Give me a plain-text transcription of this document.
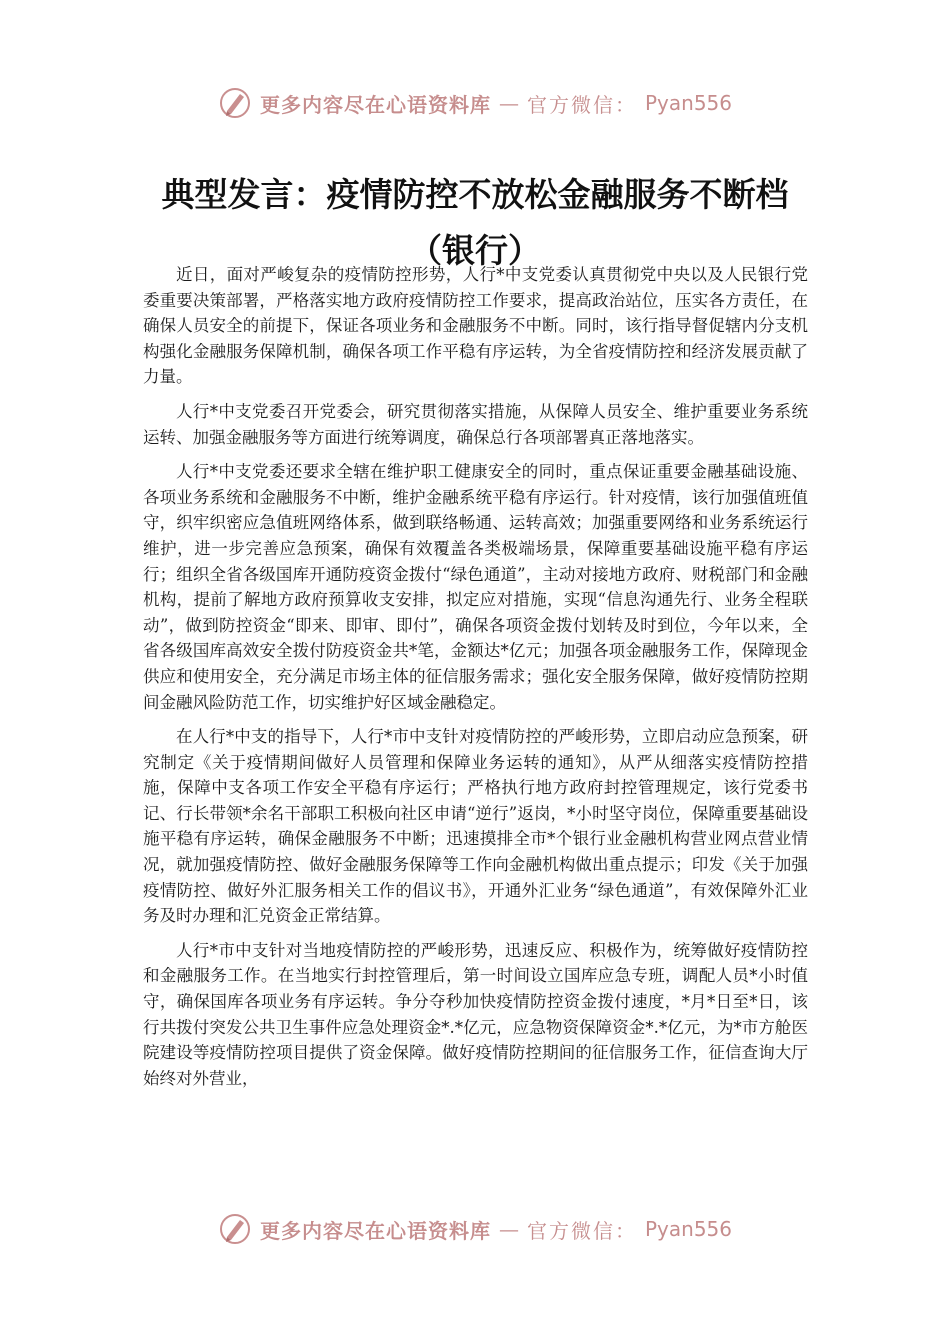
更多内容尽在心语资料库 — 官方微信： Pyan556
典型发言：疫情防控不放松金融服务不断档（银行）

近日，面对严峻复杂的疫情防控形势，人行*中支党委认真贯彻党中央以及人民银行党委重要决策部署，严格落实地方政府疫情防控工作要求，提高政治站位，压实各方责任，在确保人员安全的前提下，保证各项业务和金融服务不中断。同时，该行指导督促辖内分支机构强化金融服务保障机制，确保各项工作平稳有序运转，为全省疫情防控和经济发展贡献了力量。

人行*中支党委召开党委会，研究贯彻落实措施，从保障人员安全、维护重要业务系统运转、加强金融服务等方面进行统筹调度，确保总行各项部署真正落地落实。

人行*中支党委还要求全辖在维护职工健康安全的同时，重点保证重要金融基础设施、各项业务系统和金融服务不中断，维护金融系统平稳有序运行。针对疫情，该行加强值班值守，织牢织密应急值班网络体系，做到联络畅通、运转高效；加强重要网络和业务系统运行维护，进一步完善应急预案，确保有效覆盖各类极端场景，保障重要基础设施平稳有序运行；组织全省各级国库开通防疫资金拨付“绿色通道”，主动对接地方政府、财税部门和金融机构，提前了解地方政府预算收支安排，拟定应对措施，实现“信息沟通先行、业务全程联动”，做到防控资金“即来、即审、即付”，确保各项资金拨付划转及时到位，今年以来，全省各级国库高效安全拨付防疫资金共*笔，金额达*亿元；加强各项金融服务工作，保障现金供应和使用安全，充分满足市场主体的征信服务需求；强化安全服务保障，做好疫情防控期间金融风险防范工作，切实维护好区域金融稳定。

在人行*中支的指导下，人行*市中支针对疫情防控的严峻形势，立即启动应急预案，研究制定《关于疫情期间做好人员管理和保障业务运转的通知》，从严从细落实疫情防控措施，保障中支各项工作安全平稳有序运行；严格执行地方政府封控管理规定，该行党委书记、行长带领*余名干部职工积极向社区申请“逆行”返岗，*小时坚守岗位，保障重要基础设施平稳有序运转，确保金融服务不中断；迅速摸排全市*个银行业金融机构营业网点营业情况，就加强疫情防控、做好金融服务保障等工作向金融机构做出重点提示；印发《关于加强疫情防控、做好外汇服务相关工作的倡议书》，开通外汇业务“绿色通道”，有效保障外汇业务及时办理和汇兑资金正常结算。

人行*市中支针对当地疫情防控的严峻形势，迅速反应、积极作为，统筹做好疫情防控和金融服务工作。在当地实行封控管理后，第一时间设立国库应急专班，调配人员*小时值守，确保国库各项业务有序运转。争分夺秒加快疫情防控资金拨付速度，*月*日至*日，该行共拨付突发公共卫生事件应急处理资金*.*亿元，应急物资保障资金*.*亿元，为*市方舱医院建设等疫情防控项目提供了资金保障。做好疫情防控期间的征信服务工作，征信查询大厅始终对外营业，

更多内容尽在心语资料库 — 官方微信： Pyan556
